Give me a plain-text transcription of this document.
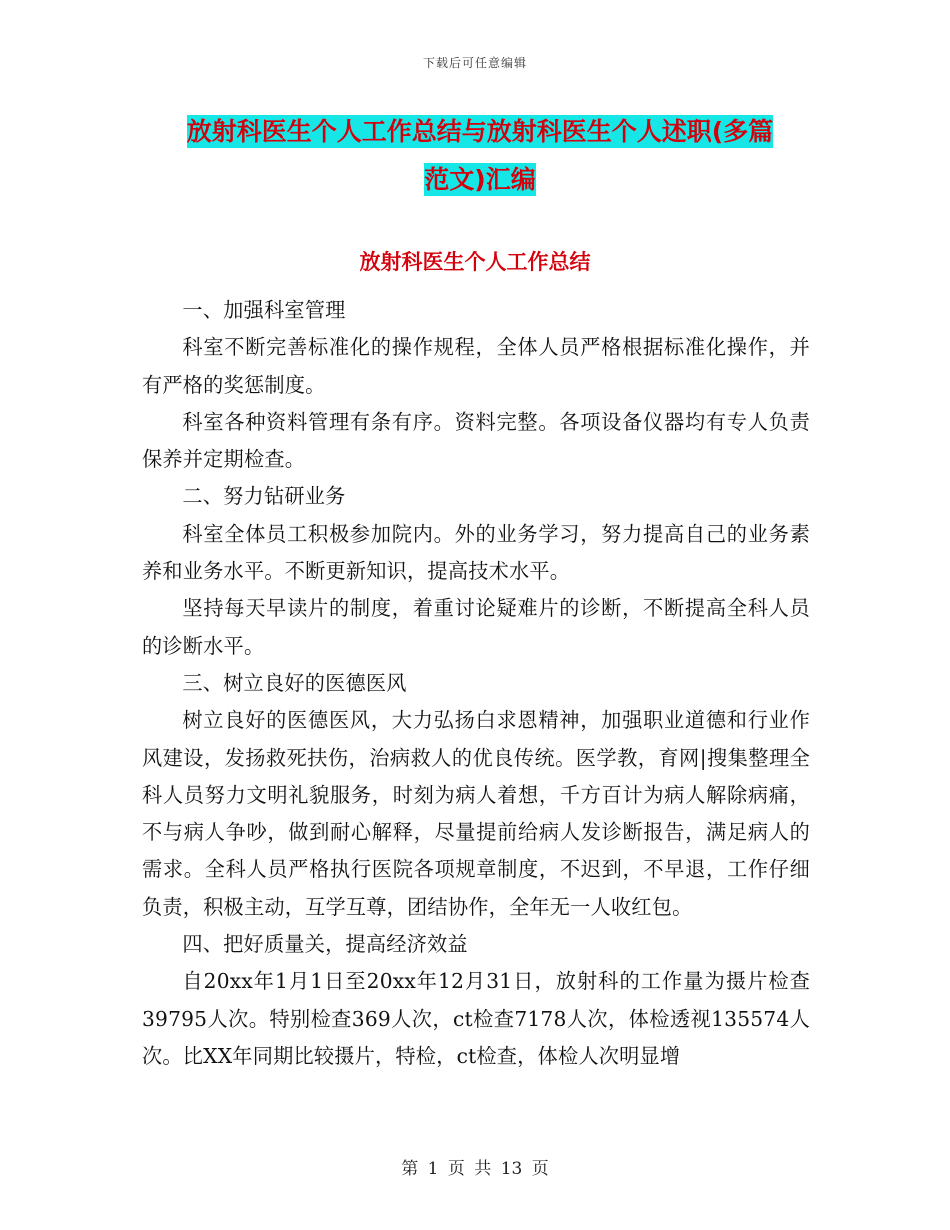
下载后可任意编辑
放射科医生个人工作总结与放射科医生个人述职(多篇
范文)汇编
放射科医生个人工作总结

一、加强科室管理

科室不断完善标准化的操作规程，全体人员严格根据标准化操作，并有严格的奖惩制度。

科室各种资料管理有条有序。资料完整。各项设备仪器均有专人负责保养并定期检查。

二、努力钻研业务

科室全体员工积极参加院内。外的业务学习，努力提高自己的业务素养和业务水平。不断更新知识，提高技术水平。

坚持每天早读片的制度，着重讨论疑难片的诊断，不断提高全科人员的诊断水平。

三、树立良好的医德医风

树立良好的医德医风，大力弘扬白求恩精神，加强职业道德和行业作风建设，发扬救死扶伤，治病救人的优良传统。医学教，育网|搜集整理全科人员努力文明礼貌服务，时刻为病人着想，千方百计为病人解除病痛，不与病人争吵，做到耐心解释，尽量提前给病人发诊断报告，满足病人的需求。全科人员严格执行医院各项规章制度，不迟到，不早退，工作仔细负责，积极主动，互学互尊，团结协作，全年无一人收红包。

四、把好质量关，提高经济效益

自20xx年1月1日至20xx年12月31日，放射科的工作量为摄片检查39795人次。特别检查369人次，ct检查7178人次，体检透视135574人次。比XX年同期比较摄片，特检，ct检查，体检人次明显增

第 1 页 共 13 页
